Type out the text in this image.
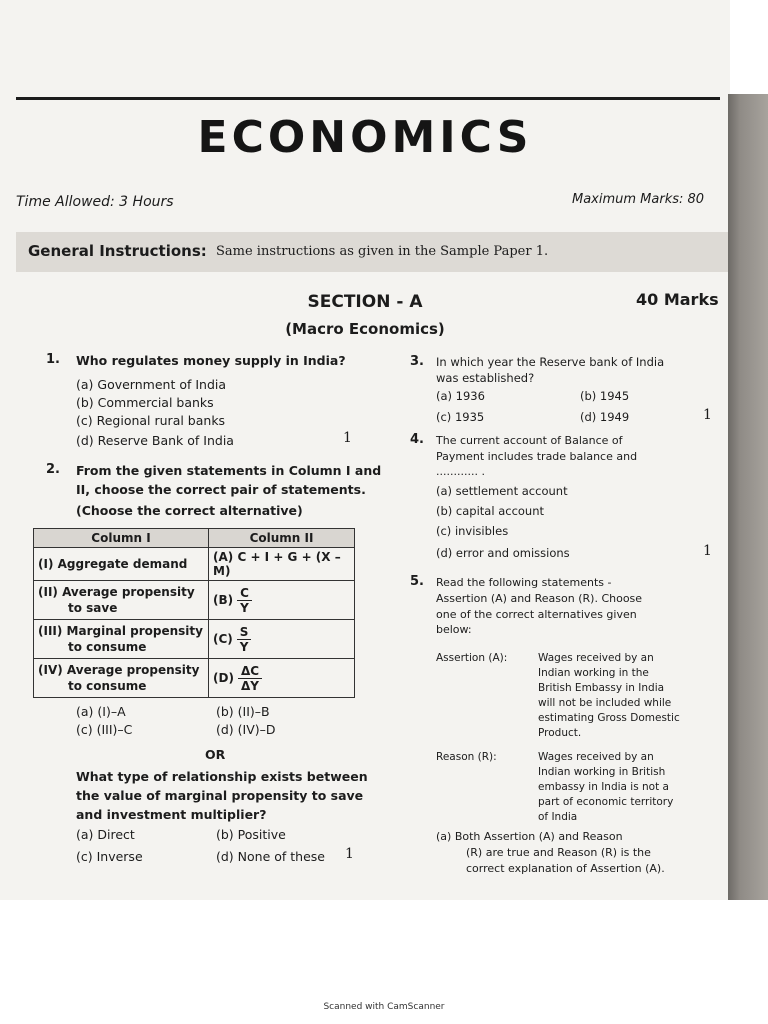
ECONOMICS
Time Allowed: 3 Hours	Maximum Marks: 80
General Instructions: Same instructions as given in the Sample Paper 1.
SECTION - A	40 Marks
(Macro Economics)
1. Who regulates money supply in India?
(a) Government of India
(b) Commercial banks
(c) Regional rural banks
(d) Reserve Bank of India	1
2. From the given statements in Column I and
II, choose the correct pair of statements.
(Choose the correct alternative)
Column I	Column II
(I) Aggregate demand	(A) C + I + G + (X – M)
(II) Average propensity
to save	$(B) \frac{C}{Y}$

(III) Marginal propensity
to consume	$(C) \frac{S}{Y}$

(IV) Average propensity
to consume	$(D) \frac{\Delta C}{\Delta Y}$
(a) (I)–A	(b) (II)–B
(c) (III)–C	(d) (IV)–D
OR
What type of relationship exists between
the value of marginal propensity to save
and investment multiplier?
(a) Direct	(b) Positive
(c) Inverse	(d) None of these 1
3. In which year the Reserve bank of India
was established?
(a) 1936	(b) 1945
(c) 1935	(d) 1949	1
4. The current account of Balance of
Payment includes trade balance and
............ .
(a) settlement account
(b) capital account
(c) invisibles
(d) error and omissions	1
5. Read the following statements -
Assertion (A) and Reason (R). Choose
one of the correct alternatives given
below:
Assertion (A):	Wages received by an
Indian working in the
British Embassy in India
will not be included while
estimating Gross Domestic
Product.
Reason (R):	Wages received by an
Indian working in British
embassy in India is not a
part of economic territory
of India
(a) Both Assertion (A) and Reason
(R) are true and Reason (R) is the
correct explanation of Assertion (A).
Scanned with CamScanner
